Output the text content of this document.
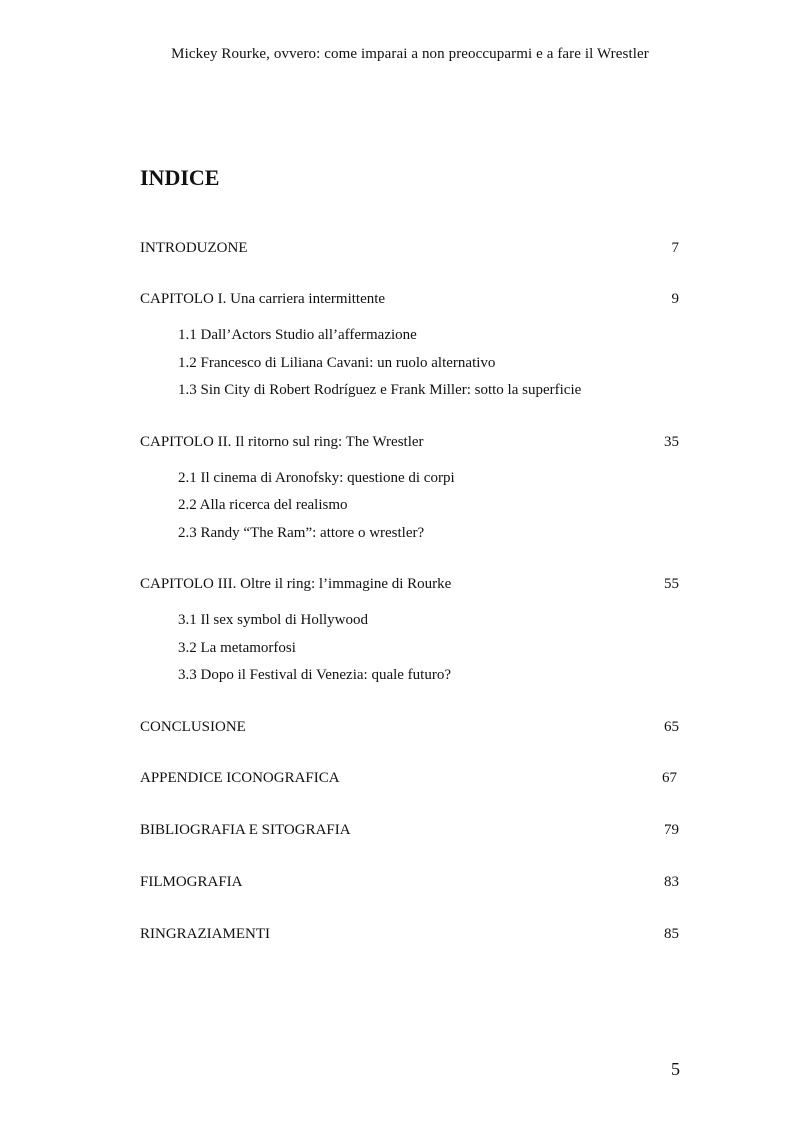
Mickey Rourke, ovvero: come imparai a non preoccuparmi e a fare il Wrestler
INDICE
INTRODUZONE	7
CAPITOLO I. Una carriera intermittente	9
1.1 Dall’Actors Studio all’affermazione
1.2 Francesco di Liliana Cavani: un ruolo alternativo
1.3 Sin City di Robert Rodríguez e Frank Miller: sotto la superficie
CAPITOLO II. Il ritorno sul ring: The Wrestler	35
2.1 Il cinema di Aronofsky: questione di corpi
2.2 Alla ricerca del realismo
2.3 Randy “The Ram”: attore o wrestler?
CAPITOLO III. Oltre il ring: l’immagine di Rourke	55
3.1 Il sex symbol di Hollywood
3.2 La metamorfosi
3.3 Dopo il Festival di Venezia: quale futuro?
CONCLUSIONE	65
APPENDICE ICONOGRAFICA	67
BIBLIOGRAFIA E SITOGRAFIA	79
FILMOGRAFIA	83
RINGRAZIAMENTI	85
5
